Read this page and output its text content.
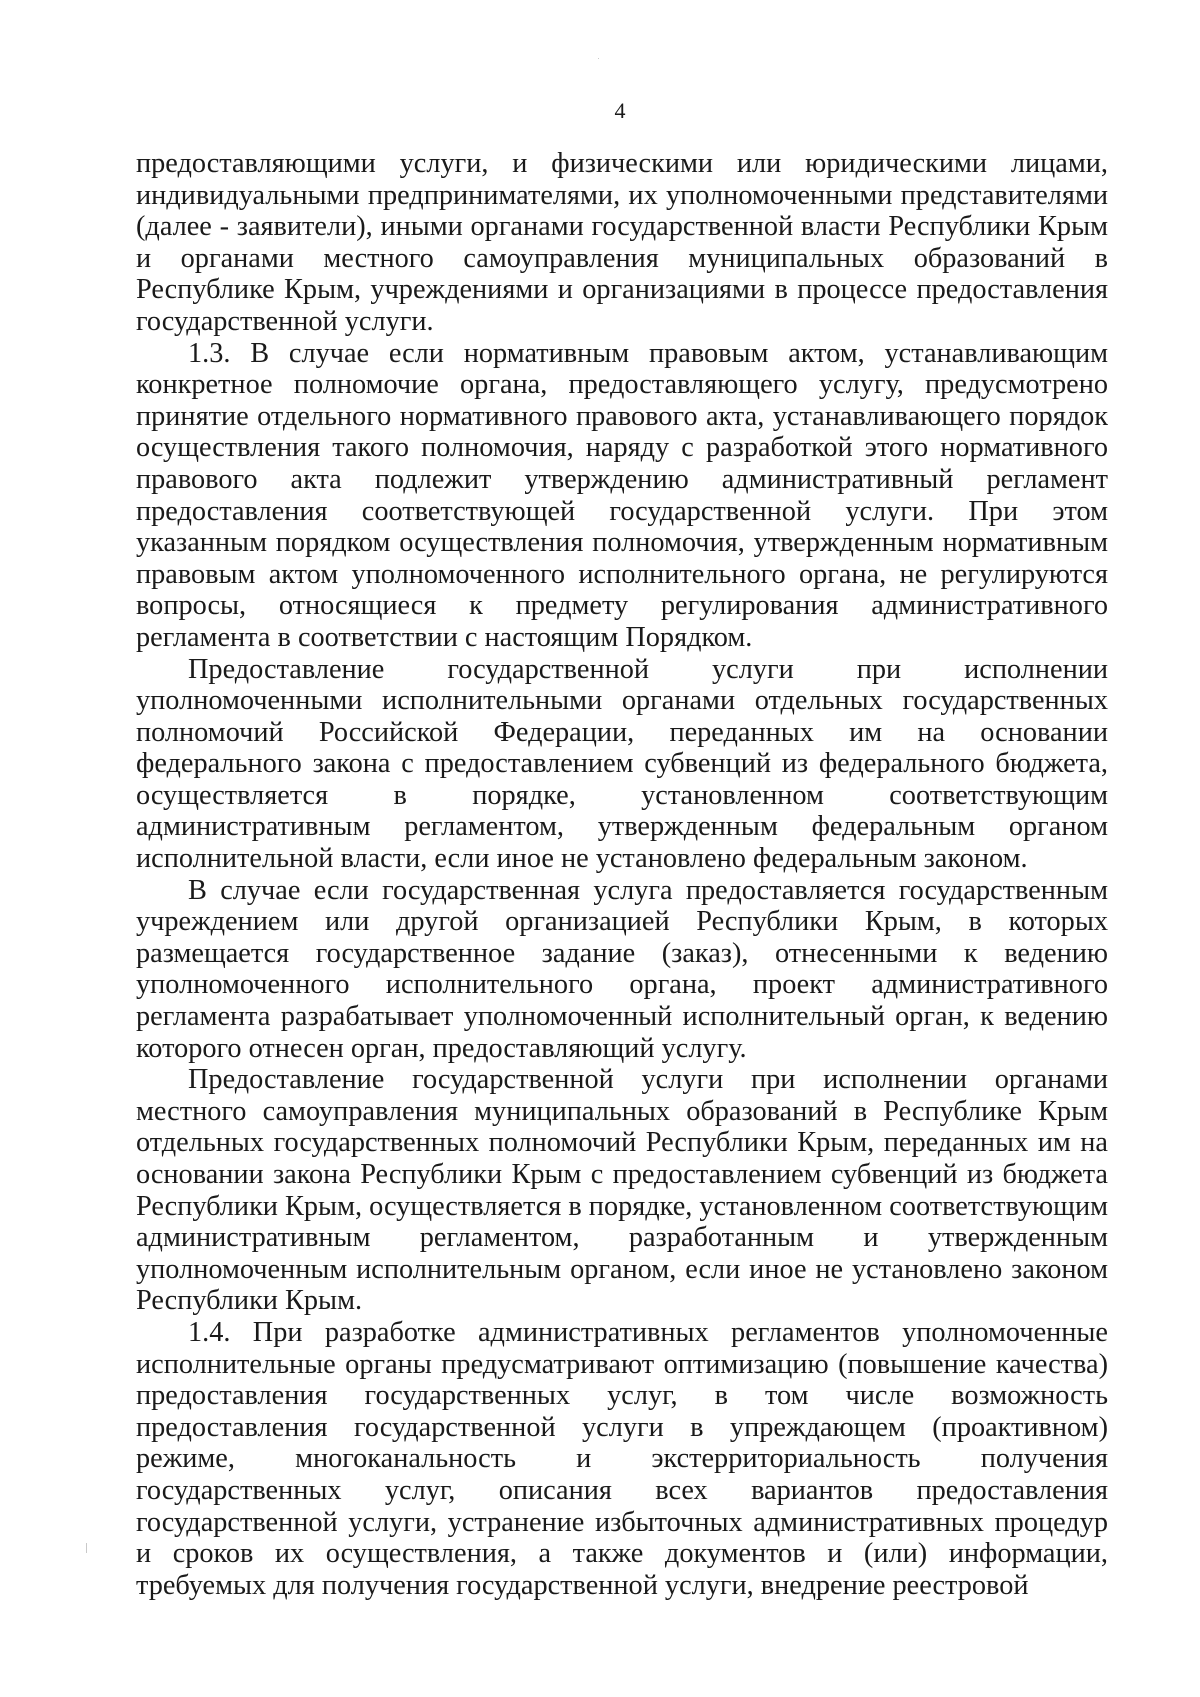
4

предоставляющими услуги, и физическими или юридическими лицами, индивидуальными предпринимателями, их уполномоченными представителями (далее - заявители), иными органами государственной власти Республики Крым и органами местного самоуправления муниципальных образований в Республике Крым, учреждениями и организациями в процессе предоставления государственной услуги.

1.3. В случае если нормативным правовым актом, устанавливающим конкретное полномочие органа, предоставляющего услугу, предусмотрено принятие отдельного нормативного правового акта, устанавливающего порядок осуществления такого полномочия, наряду с разработкой этого нормативного правового акта подлежит утверждению административный регламент предоставления соответствующей государственной услуги. При этом указанным порядком осуществления полномочия, утвержденным нормативным правовым актом уполномоченного исполнительного органа, не регулируются вопросы, относящиеся к предмету регулирования административного регламента в соответствии с настоящим Порядком.

Предоставление государственной услуги при исполнении уполномоченными исполнительными органами отдельных государственных полномочий Российской Федерации, переданных им на основании федерального закона с предоставлением субвенций из федерального бюджета, осуществляется в порядке, установленном соответствующим административным регламентом, утвержденным федеральным органом исполнительной власти, если иное не установлено федеральным законом.

В случае если государственная услуга предоставляется государственным учреждением или другой организацией Республики Крым, в которых размещается государственное задание (заказ), отнесенными к ведению уполномоченного исполнительного органа, проект административного регламента разрабатывает уполномоченный исполнительный орган, к ведению которого отнесен орган, предоставляющий услугу.

Предоставление государственной услуги при исполнении органами местного самоуправления муниципальных образований в Республике Крым отдельных государственных полномочий Республики Крым, переданных им на основании закона Республики Крым с предоставлением субвенций из бюджета Республики Крым, осуществляется в порядке, установленном соответствующим административным регламентом, разработанным и утвержденным уполномоченным исполнительным органом, если иное не установлено законом Республики Крым.

1.4. При разработке административных регламентов уполномоченные исполнительные органы предусматривают оптимизацию (повышение качества) предоставления государственных услуг, в том числе возможность предоставления государственной услуги в упреждающем (проактивном) режиме, многоканальность и экстерриториальность получения государственных услуг, описания всех вариантов предоставления государственной услуги, устранение избыточных административных процедур и сроков их осуществления, а также документов и (или) информации, требуемых для получения государственной услуги, внедрение реестровой
